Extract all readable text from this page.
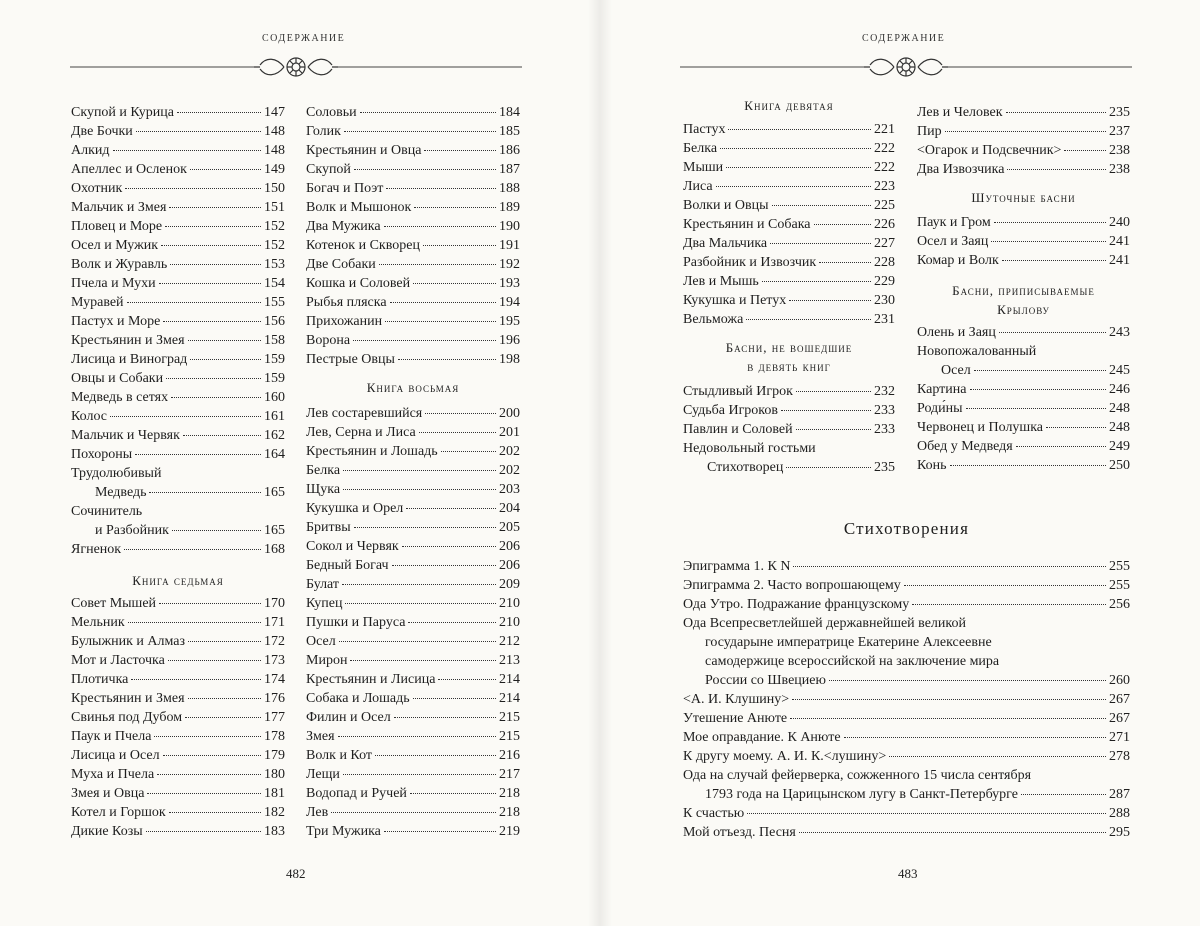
СОДЕРЖАНИЕ
Скупой и Курица	147
Две Бочки	148
Алкид	148
Апеллес и Осленок	149
Охотник	150
Мальчик и Змея	151
Пловец и Море	152
Осел и Мужик	152
Волк и Журавль	153
Пчела и Мухи	154
Муравей	155
Пастух и Море	156
Крестьянин и Змея	158
Лисица и Виноград	159
Овцы и Собаки	159
Медведь в сетях	160
Колос	161
Мальчик и Червяк	162
Похороны	164
Трудолюбивый
Медведь	165
Сочинитель
и Разбойник	165
Ягненок	168
Книга седьмая
Совет Мышей	170
Мельник	171
Булыжник и Алмаз	172
Мот и Ласточка	173
Плотичка	174
Крестьянин и Змея	176
Свинья под Дубом	177
Паук и Пчела	178
Лисица и Осел	179
Муха и Пчела	180
Змея и Овца	181
Котел и Горшок	182
Дикие Козы	183
Соловьи	184
Голик	185
Крестьянин и Овца	186
Скупой	187
Богач и Поэт	188
Волк и Мышонок	189
Два Мужика	190
Котенок и Скворец	191
Две Собаки	192
Кошка и Соловей	193
Рыбья пляска	194
Прихожанин	195
Ворона	196
Пестрые Овцы	198
Книга восьмая
Лев состаревшийся	200
Лев, Серна и Лиса	201
Крестьянин и Лошадь	202
Белка	202
Щука	203
Кукушка и Орел	204
Бритвы	205
Сокол и Червяк	206
Бедный Богач	206
Булат	209
Купец	210
Пушки и Паруса	210
Осел	212
Мирон	213
Крестьянин и Лисица	214
Собака и Лошадь	214
Филин и Осел	215
Змея	215
Волк и Кот	216
Лещи	217
Водопад и Ручей	218
Лев	218
Три Мужика	219
482
СОДЕРЖАНИЕ
Книга девятая
Пастух	221
Белка	222
Мыши	222
Лиса	223
Волки и Овцы	225
Крестьянин и Собака	226
Два Мальчика	227
Разбойник и Извозчик	228
Лев и Мышь	229
Кукушка и Петух	230
Вельможа	231
Басни, не вошедшие
в девять книг
Стыдливый Игрок	232
Судьба Игроков	233
Павлин и Соловей	233
Недовольный гостьми
Стихотворец	235
Лев и Человек	235
Пир	237
<Огарок и Подсвечник>	238
Два Извозчика	238
Шуточные басни
Паук и Гром	240
Осел и Заяц	241
Комар и Волк	241
Басни, приписываемые
Крылову
Олень и Заяц	243
Новопожалованный
Осел	245
Картина	246
Роди́ны	248
Червонец и Полушка	248
Обед у Медведя	249
Конь	250
Стихотворения
Эпиграмма 1. К N	255
Эпиграмма 2. Часто вопрошающему	255
Ода Утро. Подражание французскому	256
Ода Всепресветлейшей державнейшей великой
государыне императрице Екатерине Алексеевне
самодержице всероссийской на заключение мира
России со Швециею	260
<А. И. Клушину>	267
Утешение Анюте	267
Мое оправдание. К Анюте	271
К другу моему. А. И. К.<лушину>	278
Ода на случай фейерверка, сожженного 15 числа сентября
1793 года на Царицынском лугу в Санкт-Петербурге	287
К счастью	288
Мой отъезд. Песня	295
483
